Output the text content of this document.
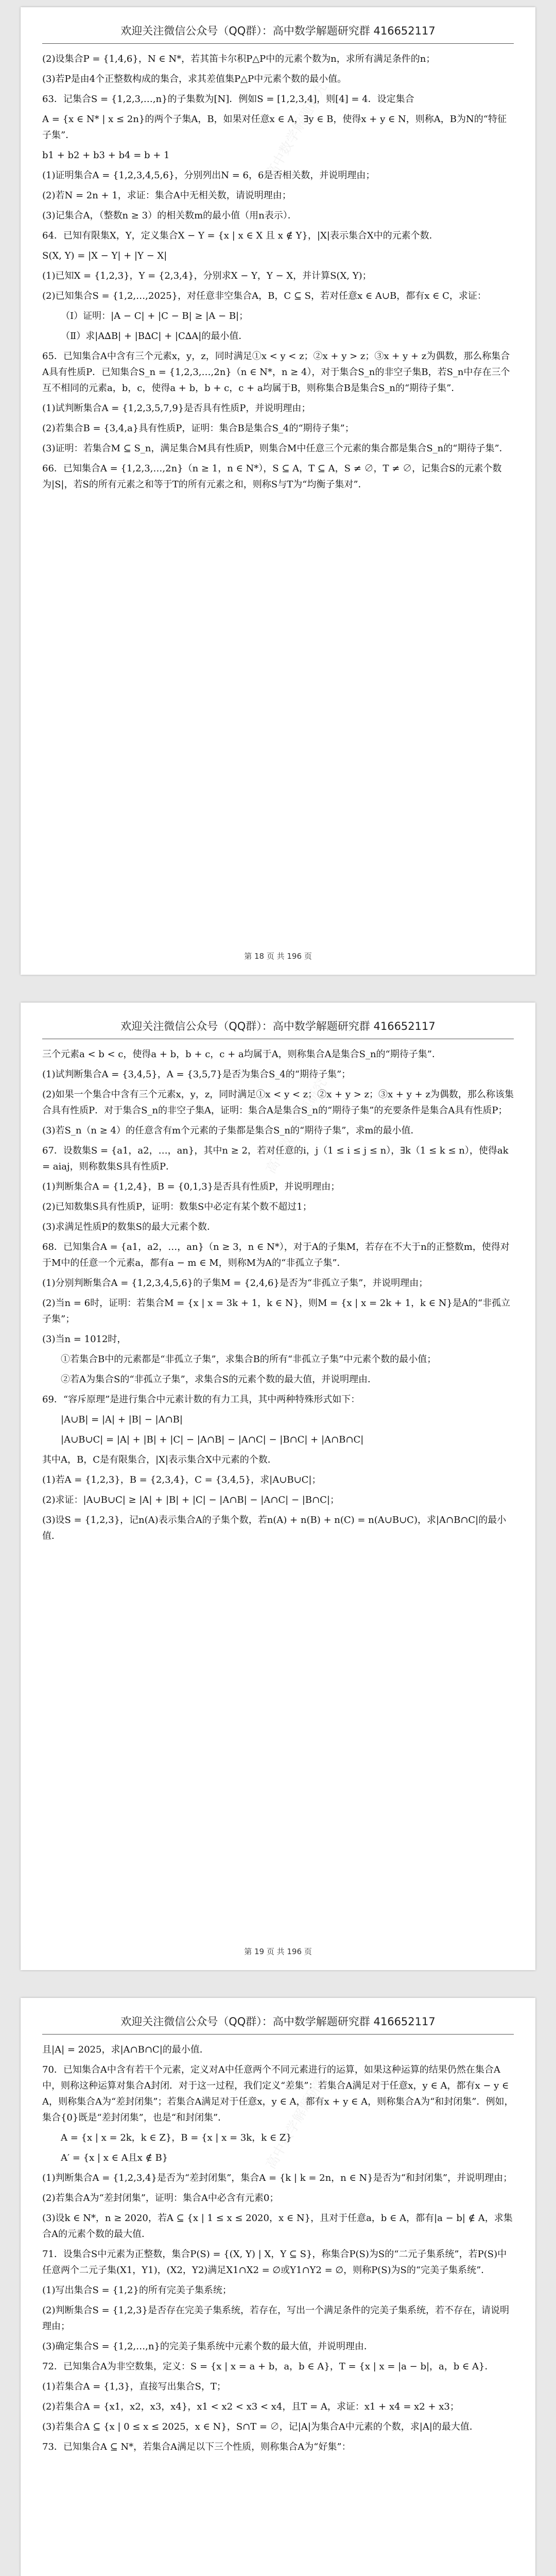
欢迎关注微信公众号（QQ群）：高中数学解题研究群 416652117
高中数学解题研究

(2)设集合P = {1,4,6}，N ∈ N*，若其笛卡尔积P△P中的元素个数为n，求所有满足条件的n；

(3)若P是由4个正整数构成的集合，求其差值集P△P中元素个数的最小值。

63．记集合S = {1,2,3,…,n}的子集数为[N]．例如S = [1,2,3,4]，则[4] = 4．设定集合

A = {x ∈ N* | x ≤ 2n}的两个子集A，B，如果对任意x ∈ A，∃y ∈ B，使得x + y ∈ N，则称A，B为N的“特征子集”．

b1 + b2 + b3 + b4 = b + 1

(1)证明集合A = {1,2,3,4,5,6}，分别列出N = 6，6是否相关数，并说明理由；

(2)若N = 2n + 1，求证：集合A中无相关数，请说明理由；

(3)记集合A，（整数n ≥ 3）的相关数m的最小值（用n表示）．

64．已知有限集X，Y，定义集合X − Y = {x | x ∈ X 且 x ∉ Y}，|X|表示集合X中的元素个数．

S(X, Y) = |X − Y| + |Y − X|

(1)已知X = {1,2,3}，Y = {2,3,4}，分别求X − Y，Y − X，并计算S(X, Y)；

(2)已知集合S = {1,2,…,2025}，对任意非空集合A，B，C ⊆ S，若对任意x ∈ A∪B，都有x ∈ C，求证：

（Ⅰ）证明：|A − C| + |C − B| ≥ |A − B|；

（Ⅱ）求|A∆B| + |B∆C| + |C∆A|的最小值．

65．已知集合A中含有三个元素x，y，z，同时满足①x < y < z；②x + y > z；③x + y + z为偶数，那么称集合A具有性质P．已知集合S_n = {1,2,3,…,2n}（n ∈ N*，n ≥ 4），对于集合S_n的非空子集B，若S_n中存在三个互不相同的元素a，b，c，使得a + b，b + c，c + a均属于B，则称集合B是集合S_n的“期待子集”．

(1)试判断集合A = {1,2,3,5,7,9}是否具有性质P，并说明理由；

(2)若集合B = {3,4,a}具有性质P，证明：集合B是集合S_4的“期待子集”；

(3)证明：若集合M ⊆ S_n，满足集合M具有性质P，则集合M中任意三个元素的集合都是集合S_n的“期待子集”．

66．已知集合A = {1,2,3,…,2n}（n ≥ 1，n ∈ N*），S ⊆ A，T ⊆ A，S ≠ ∅，T ≠ ∅，记集合S的元素个数为|S|，若S的所有元素之和等于T的所有元素之和，则称S与T为“均衡子集对”．

第 18 页 共 196 页
欢迎关注微信公众号（QQ群）：高中数学解题研究群 416652117
高中数学解题研究

三个元素a < b < c，使得a + b，b + c，c + a均属于A，则称集合A是集合S_n的“期待子集”．

(1)试判断集合A = {3,4,5}，A = {3,5,7}是否为集合S_4的“期待子集”；

(2)如果一个集合中含有三个元素x，y，z，同时满足①x < y < z；②x + y > z；③x + y + z为偶数，那么称该集合具有性质P．对于集合S_n的非空子集A，证明：集合A是集合S_n的“期待子集”的充要条件是集合A具有性质P；

(3)若S_n（n ≥ 4）的任意含有m个元素的子集都是集合S_n的“期待子集”，求m的最小值．

67．设数集S = {a1，a2，…，an}，其中n ≥ 2，若对任意的i，j（1 ≤ i ≤ j ≤ n），∃k（1 ≤ k ≤ n），使得ak = aiaj，则称数集S具有性质P．

(1)判断集合A = {1,2,4}，B = {0,1,3}是否具有性质P，并说明理由；

(2)已知数集S具有性质P，证明：数集S中必定有某个数不超过1；

(3)求满足性质P的数集S的最大元素个数．

68．已知集合A = {a1，a2，…，an}（n ≥ 3，n ∈ N*），对于A的子集M，若存在不大于n的正整数m，使得对于M中的任意一个元素a，都有a − m ∈ M，则称M为A的“非孤立子集”．

(1)分别判断集合A = {1,2,3,4,5,6}的子集M = {2,4,6}是否为“非孤立子集”，并说明理由；

(2)当n = 6时，证明：若集合M = {x | x = 3k + 1，k ∈ N}，则M = {x | x = 2k + 1，k ∈ N}是A的“非孤立子集”；

(3)当n = 1012时，

①若集合B中的元素都是“非孤立子集”，求集合B的所有“非孤立子集”中元素个数的最小值；

②若A为集合S的“非孤立子集”，求集合S的元素个数的最大值，并说明理由．

69．“容斥原理”是进行集合中元素计数的有力工具，其中两种特殊形式如下：

|A∪B| = |A| + |B| − |A∩B|

|A∪B∪C| = |A| + |B| + |C| − |A∩B| − |A∩C| − |B∩C| + |A∩B∩C|

其中A，B，C是有限集合，|X|表示集合X中元素的个数．

(1)若A = {1,2,3}，B = {2,3,4}，C = {3,4,5}，求|A∪B∪C|；

(2)求证：|A∪B∪C| ≥ |A| + |B| + |C| − |A∩B| − |A∩C| − |B∩C|；

(3)设S = {1,2,3}，记n(A)表示集合A的子集个数，若n(A) + n(B) + n(C) = n(A∪B∪C)，求|A∩B∩C|的最小值．

第 19 页 共 196 页
欢迎关注微信公众号（QQ群）：高中数学解题研究群 416652117
高中数学解题研究

且|A| = 2025，求|A∩B∩C|的最小值．

70．已知集合A中含有若干个元素，定义对A中任意两个不同元素进行的运算，如果这种运算的结果仍然在集合A中，则称这种运算对集合A封闭．对于这一过程，我们定义“差集”：若集合A满足对于任意x，y ∈ A，都有x − y ∈ A，则称集合A为“差封闭集”；若集合A满足对于任意x，y ∈ A，都有x + y ∈ A，则称集合A为“和封闭集”．例如，集合{0}既是“差封闭集”，也是“和封闭集”．

A = {x | x = 2k，k ∈ Z}，B = {x | x = 3k，k ∈ Z}

A′ = {x | x ∈ A且x ∉ B}

(1)判断集合A = {1,2,3,4}是否为“差封闭集”，集合A = {k | k = 2n，n ∈ N}是否为“和封闭集”，并说明理由；

(2)若集合A为“差封闭集”，证明：集合A中必含有元素0；

(3)设k ∈ N*，n ≥ 2020，若A ⊆ {x | 1 ≤ x ≤ 2020，x ∈ N}，且对于任意a，b ∈ A，都有|a − b| ∉ A，求集合A的元素个数的最大值．

71．设集合S中元素为正整数，集合P(S) = {(X, Y) | X，Y ⊆ S}，称集合P(S)为S的“二元子集系统”，若P(S)中任意两个二元子集(X1，Y1)，(X2，Y2)满足X1∩X2 = ∅或Y1∩Y2 = ∅，则称P(S)为S的“完美子集系统”．

(1)写出集合S = {1,2}的所有完美子集系统；

(2)判断集合S = {1,2,3}是否存在完美子集系统，若存在，写出一个满足条件的完美子集系统，若不存在，请说明理由；

(3)确定集合S = {1,2,…,n}的完美子集系统中元素个数的最大值，并说明理由．

72．已知集合A为非空数集，定义：S = {x | x = a + b，a，b ∈ A}，T = {x | x = |a − b|，a，b ∈ A}．

(1)若集合A = {1,3}，直接写出集合S，T；

(2)若集合A = {x1，x2，x3，x4}，x1 < x2 < x3 < x4，且T = A，求证：x1 + x4 = x2 + x3；

(3)若集合A ⊆ {x | 0 ≤ x ≤ 2025，x ∈ N}，S∩T = ∅，记|A|为集合A中元素的个数，求|A|的最大值．

73．已知集合A ⊆ N*，若集合A满足以下三个性质，则称集合A为“好集”：
